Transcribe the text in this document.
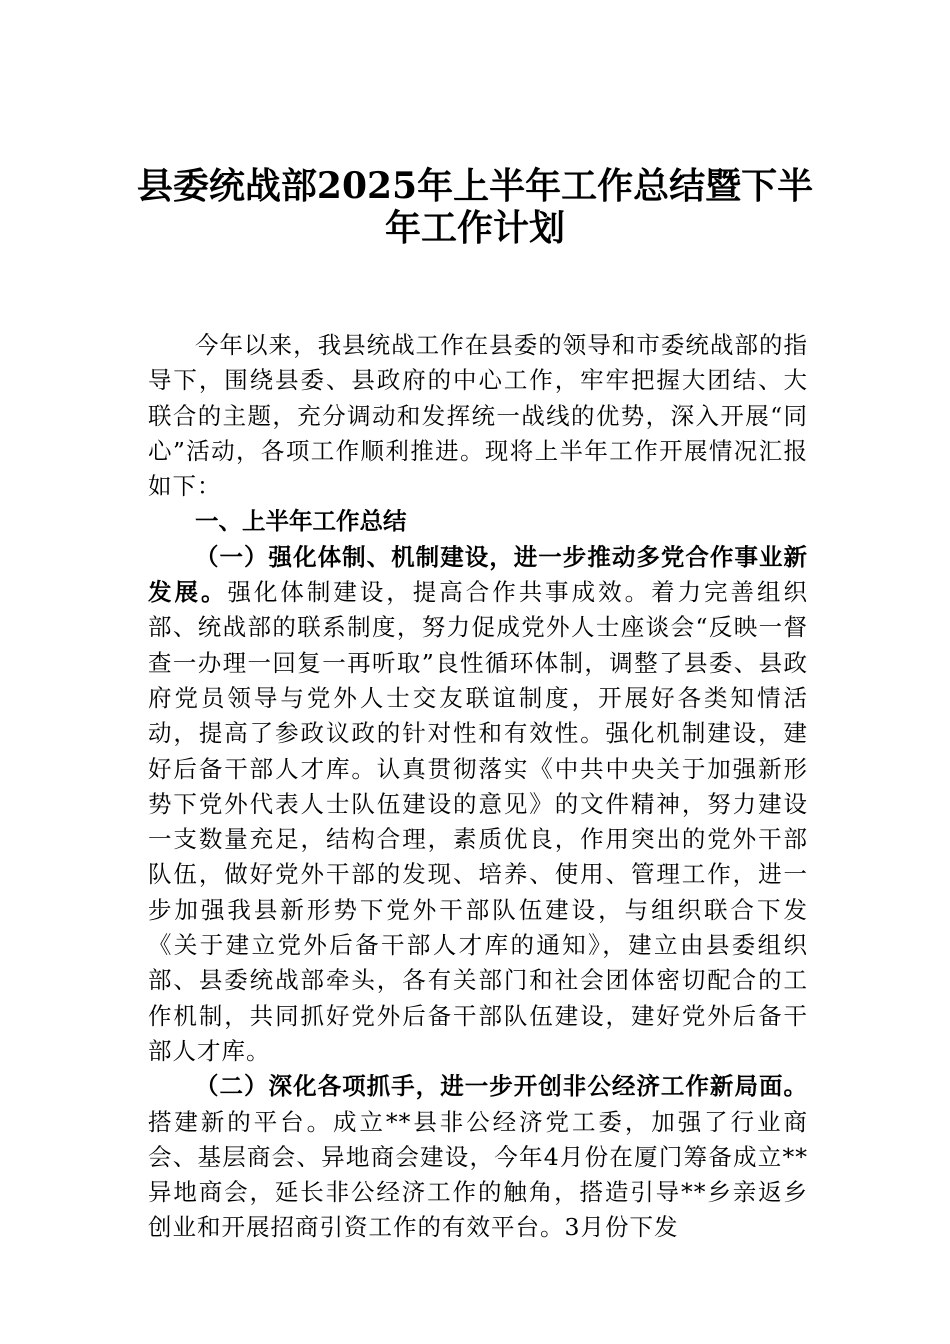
县委统战部2025年上半年工作总结暨下半
年工作计划

今年以来，我县统战工作在县委的领导和市委统战部的指导下，围绕县委、县政府的中心工作，牢牢把握大团结、大联合的主题，充分调动和发挥统一战线的优势，深入开展“同心”活动，各项工作顺利推进。现将上半年工作开展情况汇报如下：

一、上半年工作总结

（一）强化体制、机制建设，进一步推动多党合作事业新发展。强化体制建设，提高合作共事成效。着力完善组织部、统战部的联系制度，努力促成党外人士座谈会“反映一督查一办理一回复一再听取”良性循环体制，调整了县委、县政府党员领导与党外人士交友联谊制度，开展好各类知情活动，提高了参政议政的针对性和有效性。强化机制建设，建好后备干部人才库。认真贯彻落实《中共中央关于加强新形势下党外代表人士队伍建设的意见》的文件精神，努力建设一支数量充足，结构合理，素质优良，作用突出的党外干部队伍，做好党外干部的发现、培养、使用、管理工作，进一步加强我县新形势下党外干部队伍建设，与组织联合下发《关于建立党外后备干部人才库的通知》，建立由县委组织部、县委统战部牵头，各有关部门和社会团体密切配合的工作机制，共同抓好党外后备干部队伍建设，建好党外后备干部人才库。

（二）深化各项抓手，进一步开创非公经济工作新局面。搭建新的平台。成立**县非公经济党工委，加强了行业商会、基层商会、异地商会建设，今年4月份在厦门筹备成立**异地商会，延长非公经济工作的触角，搭造引导**乡亲返乡创业和开展招商引资工作的有效平台。3月份下发
